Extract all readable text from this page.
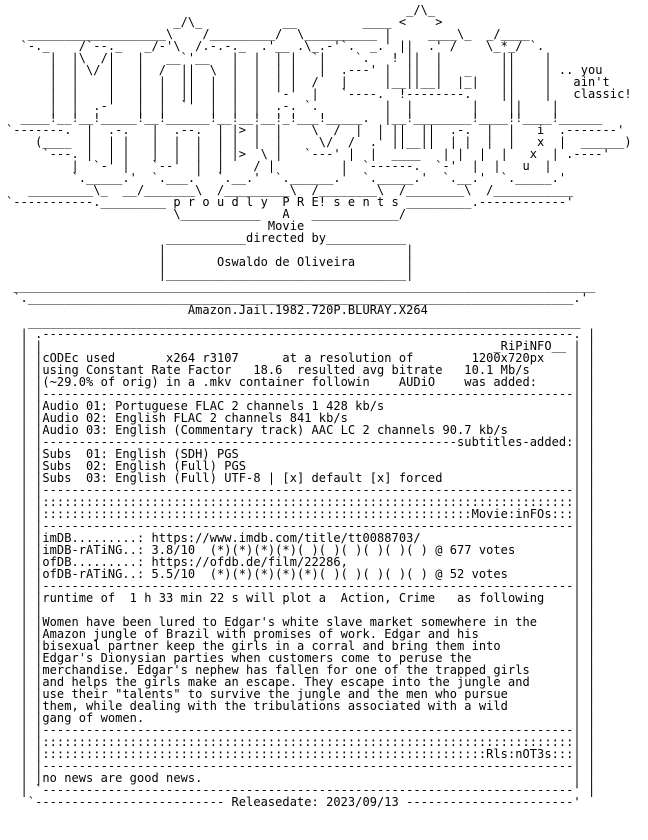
_/\_
_/\_           __         ____ <    >
___________________\    /_________/  \__________ |     ____\_  _/____
`-._    /`--._   _/-'\  /.-.-._  .'__ .\_.-'`.  _.' ||  .' /    \_*_/ `.
|  |\  /|   |   __`'__   |  |  | |  `|    `.   ! ||  |        ||    |
|  | \/ |   |  /  ||  \  |  |  | |   |  .---' |  ||  |   _    ||    | .. you
|  |    |   |  |  ||  |  |  |  | |  /   |     |__||__|  |_|   ||    |   ain't
|  |    |   |  |  ||  |  |  |  '-'  |   `----.  !--------.    ||    |   classic!
|  |  .-'   |  |  `'  |  |  |  .-. `.         |  |        |    ||    |
____!__!__!_____!__!______!__!__!__!_!___!_____.  |__!________!____!!____!______
`-------.  |  .-.   |  .--.  | |> |  |    \  /  |  | ||  ||  .-.  |  |   i  .-------'
(____  |  | |   |  |  |  | |  |  |     \/  /  .' ||__||  | |  |  |   x  |  ______)
`---. |  | |   |  |  |  | |>  \ |   `---' |  |  ____   | |  |  |   x  | .----'
|  `-' |   `--'  |  |    / |         |  `------.  `-'  |  |   u  |
`._____.'  `.___.'  `.__.'  `.______.'  `._____.'  `.__.'  `._____.'
_________\_  __/_______\  /_________\  /________\  /________\  /___________
`-----------._________ p r o u d l y  P R E! s e n t s _________.------------'
\___________   A   ____________/
Movie
___________directed by___________
|                                 |
|       Oswaldo de Oliveira       |
|_________________________________|
________________________________________________________________________________
`.___________________________________________________________________________.'
Amazon.Jail.1982.720P.BLURAY.X264
____________________________________________________________________________
| .-------------------------------------------------------------------------. |
| |                                                              _RiPiNFO__ | |
| |cODEc used       x264 r3107      at a resolution of        1200x720px    | |
| |using Constant Rate Factor   18.6  resulted avg bitrate   10.1 Mb/s      | |
| |(~29.0% of orig) in a .mkv container followin    AUDiO    was added:     | |
| |-------------------------------------------------------------------------| |
| |Audio 01: Portuguese FLAC 2 channels 1 428 kb/s                          | |
| |Audio 02: English FLAC 2 channels 841 kb/s                               | |
| |Audio 03: English (Commentary track) AAC LC 2 channels 90.7 kb/s         | |
| |---------------------------------------------------------subtitles-added:| |
| |Subs  01: English (SDH) PGS                                              | |
| |Subs  02: English (Full) PGS                                             | |
| |Subs  03: English (Full) UTF-8 | [x] default [x] forced                  | |
| |-------------------------------------------------------------------------| |
| |:::::::::::::::::::::::::::::::::::::::::::::::::::::::::::::::::::::::::| |
| |:::::::::::::::::::::::::::::::::::::::::::::::::::::::::::Movie:inFOs:::| |
| |-------------------------------------------------------------------------| |
| |imDB.........: https://www.imdb.com/title/tt0088703/                     | |
| |imDB-rATiNG..: 3.8/10  (*)(*)(*)(*)( )( )( )( )( )( ) @ 677 votes        | |
| |ofDB.........: https://ofdb.de/film/22286,                               | |
| |ofDB-rATiNG..: 5.5/10  (*)(*)(*)(*)(*)( )( )( )( )( ) @ 52 votes         | |
| |-------------------------------------------------------------------------| |
| |runtime of  1 h 33 min 22 s will plot a  Action, Crime   as following    | |
| |                                                                         | |
| |Women have been lured to Edgar's white slave market somewhere in the     | |
| |Amazon jungle of Brazil with promises of work. Edgar and his             | |
| |bisexual partner keep the girls in a corral and bring them into          | |
| |Edgar's Dionysian parties when customers come to peruse the              | |
| |merchandise. Edgar's nephew has fallen for one of the trapped girls      | |
| |and helps the girls make an escape. They escape into the jungle and      | |
| |use their "talents" to survive the jungle and the men who pursue         | |
| |them, while dealing with the tribulations associated with a wild         | |
| |gang of women.                                                           | |
| |-------------------------------------------------------------------------| |
| |:::::::::::::::::::::::::::::::::::::::::::::::::::::::::::::::::::::::::| |
| |:::::::::::::::::::::::::::::::::::::::::::::::::::::::::::::Rls:nOT3s:::| |
| |-------------------------------------------------------------------------| |
| |no news are good news.                                                   | |
| `-------------------------------------------------------------------------' |
`-------------------------- Releasedate: 2023/09/13 -----------------------'
